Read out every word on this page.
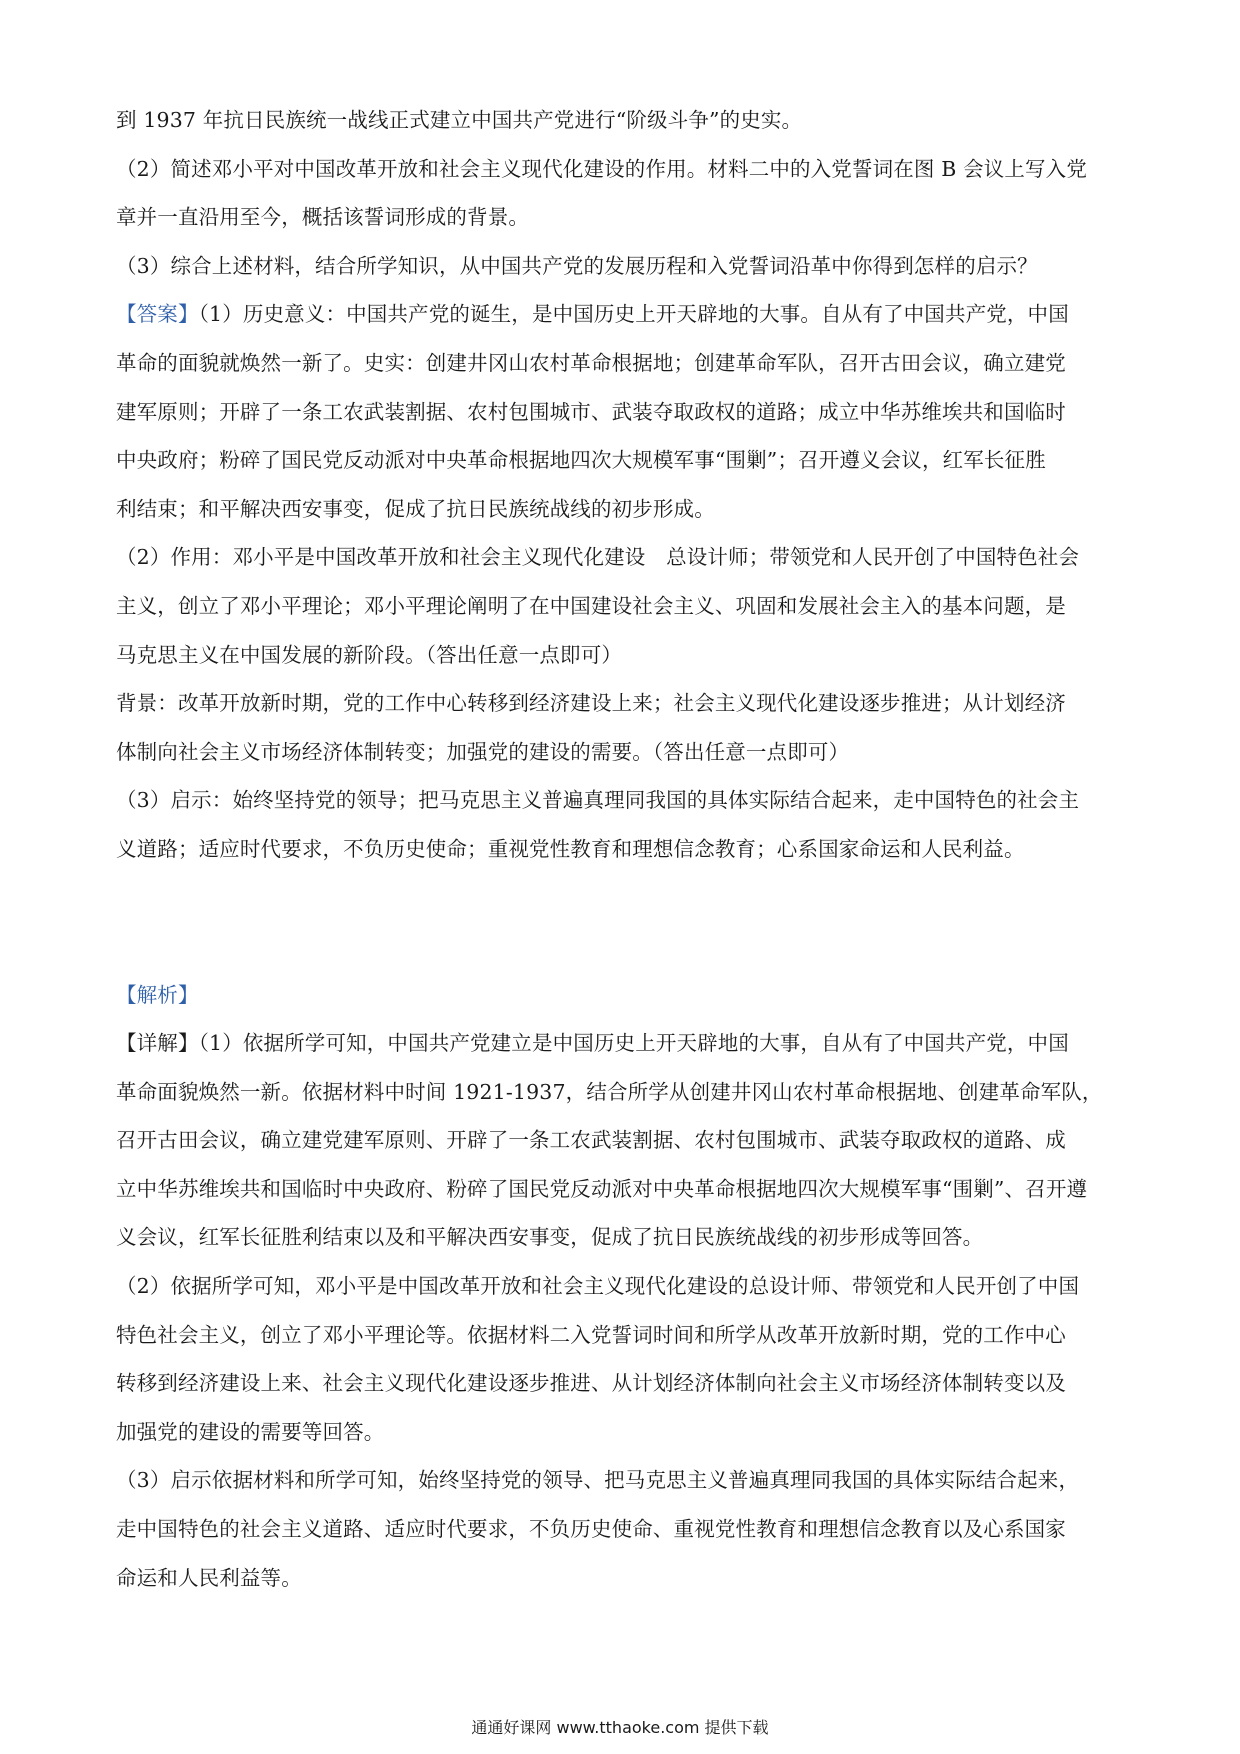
到 1937 年抗日民族统一战线正式建立中国共产党进行“阶级斗争”的史实。
（2）简述邓小平对中国改革开放和社会主义现代化建设的作用。材料二中的入党誓词在图 B 会议上写入党
章并一直沿用至今，概括该誓词形成的背景。
（3）综合上述材料，结合所学知识，从中国共产党的发展历程和入党誓词沿革中你得到怎样的启示？
【答案】（1）历史意义：中国共产党的诞生，是中国历史上开天辟地的大事。自从有了中国共产党，中国
革命的面貌就焕然一新了。史实：创建井冈山农村革命根据地；创建革命军队，召开古田会议，确立建党
建军原则；开辟了一条工农武装割据、农村包围城市、武装夺取政权的道路；成立中华苏维埃共和国临时
中央政府；粉碎了国民党反动派对中央革命根据地四次大规模军事“围剿”；召开遵义会议，红军长征胜
利结束；和平解决西安事变，促成了抗日民族统战线的初步形成。
（2）作用：邓小平是中国改革开放和社会主义现代化建设　总设计师；带领党和人民开创了中国特色社会
主义，创立了邓小平理论；邓小平理论阐明了在中国建设社会主义、巩固和发展社会主入的基本问题，是
马克思主义在中国发展的新阶段。（答出任意一点即可）
背景：改革开放新时期，党的工作中心转移到经济建设上来；社会主义现代化建设逐步推进；从计划经济
体制向社会主义市场经济体制转变；加强党的建设的需要。（答出任意一点即可）
（3）启示：始终坚持党的领导；把马克思主义普遍真理同我国的具体实际结合起来，走中国特色的社会主
义道路；适应时代要求，不负历史使命；重视党性教育和理想信念教育；心系国家命运和人民利益。
【解析】
【详解】（1）依据所学可知，中国共产党建立是中国历史上开天辟地的大事，自从有了中国共产党，中国
革命面貌焕然一新。依据材料中时间 1921-1937，结合所学从创建井冈山农村革命根据地、创建革命军队，
召开古田会议，确立建党建军原则、开辟了一条工农武装割据、农村包围城市、武装夺取政权的道路、成
立中华苏维埃共和国临时中央政府、粉碎了国民党反动派对中央革命根据地四次大规模军事“围剿”、召开遵
义会议，红军长征胜利结束以及和平解决西安事变，促成了抗日民族统战线的初步形成等回答。
（2）依据所学可知，邓小平是中国改革开放和社会主义现代化建设的总设计师、带领党和人民开创了中国
特色社会主义，创立了邓小平理论等。依据材料二入党誓词时间和所学从改革开放新时期，党的工作中心
转移到经济建设上来、社会主义现代化建设逐步推进、从计划经济体制向社会主义市场经济体制转变以及
加强党的建设的需要等回答。
（3）启示依据材料和所学可知，始终坚持党的领导、把马克思主义普遍真理同我国的具体实际结合起来，
走中国特色的社会主义道路、适应时代要求，不负历史使命、重视党性教育和理想信念教育以及心系国家
命运和人民利益等。
通通好课网 www.tthaoke.com 提供下载
